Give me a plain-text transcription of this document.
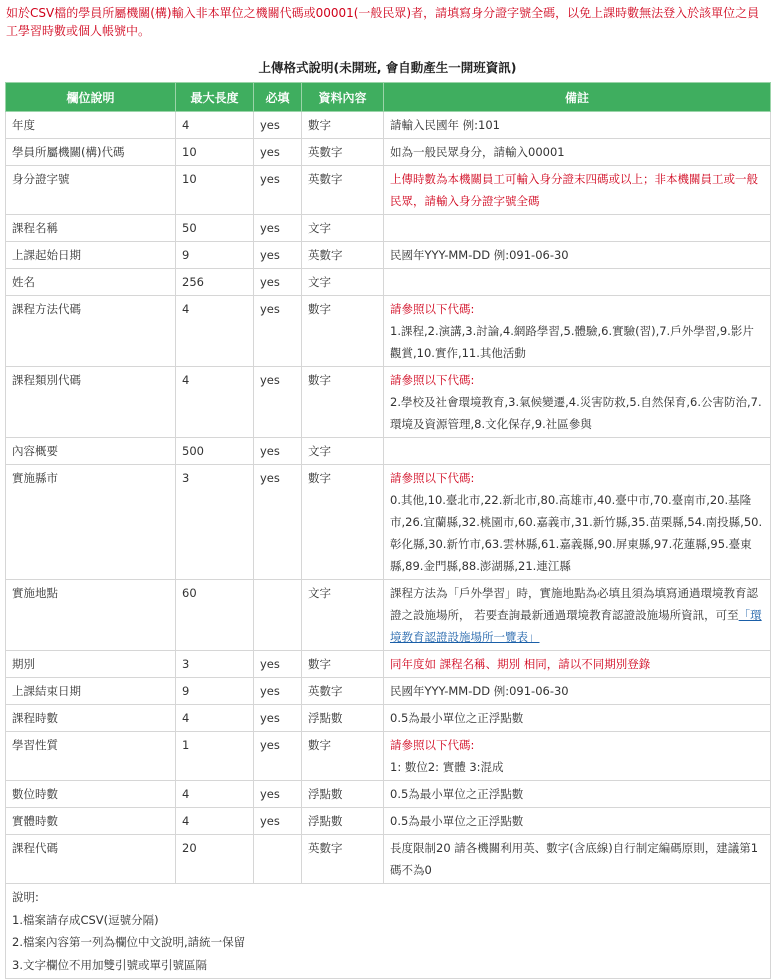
如於CSV檔的學員所屬機關(構)輸入非本單位之機關代碼或00001(一般民眾)者，請填寫身分證字號全碼，以免上課時數無法登入於該單位之員工學習時數或個人帳號中。

上傳格式說明(未開班, 會自動產生一開班資訊)
欄位說明	最大長度	必填	資料內容	備註
年度	4	yes	數字	請輸入民國年 例:101
學員所屬機關(構)代碼	10	yes	英數字	如為一般民眾身分，請輸入00001
身分證字號	10	yes	英數字	上傳時數為本機關員工可輸入身分證末四碼或以上；非本機關員工或一般民眾，請輸入身分證字號全碼
課程名稱	50	yes	文字	
上課起始日期	9	yes	英數字	民國年YYY-MM-DD 例:091-06-30
姓名	256	yes	文字	
課程方法代碼	4	yes	數字	請參照以下代碼:
1.課程,2.演講,3.討論,4.網路學習,5.體驗,6.實驗(習),7.戶外學習,9.影片觀賞,10.實作,11.其他活動

課程類別代碼	4	yes	數字	請參照以下代碼:
2.學校及社會環境教育,3.氣候變遷,4.災害防救,5.自然保育,6.公害防治,7.環境及資源管理,8.文化保存,9.社區參與

內容概要	500	yes	文字	
實施縣市	3	yes	數字	請參照以下代碼:
0.其他,10.臺北市,22.新北市,80.高雄市,40.臺中市,70.臺南市,20.基隆市,26.宜蘭縣,32.桃園市,60.嘉義市,31.新竹縣,35.苗栗縣,54.南投縣,50.彰化縣,30.新竹市,63.雲林縣,61.嘉義縣,90.屏東縣,97.花蓮縣,95.臺東縣,89.金門縣,88.澎湖縣,21.連江縣

實施地點	60		文字	課程方法為「戶外學習」時，實施地點為必填且須為填寫通過環境教育認證之設施場所， 若要查詢最新通過環境教育認證設施場所資訊，可至「環境教育認證設施場所一覽表」
期別	3	yes	數字	同年度如 課程名稱、期別 相同，請以不同期別登錄
上課結束日期	9	yes	英數字	民國年YYY-MM-DD 例:091-06-30
課程時數	4	yes	浮點數	0.5為最小單位之正浮點數
學習性質	1	yes	數字	請參照以下代碼:
1: 數位2: 實體 3:混成

數位時數	4	yes	浮點數	0.5為最小單位之正浮點數
實體時數	4	yes	浮點數	0.5為最小單位之正浮點數
課程代碼	20		英數字	長度限制20 請各機關利用英、數字(含底線)自行制定編碼原則，建議第1碼不為0

說明:
1.檔案請存成CSV(逗號分隔)
2.檔案內容第一列為欄位中文說明,請統一保留
3.文字欄位不用加雙引號或單引號區隔				
